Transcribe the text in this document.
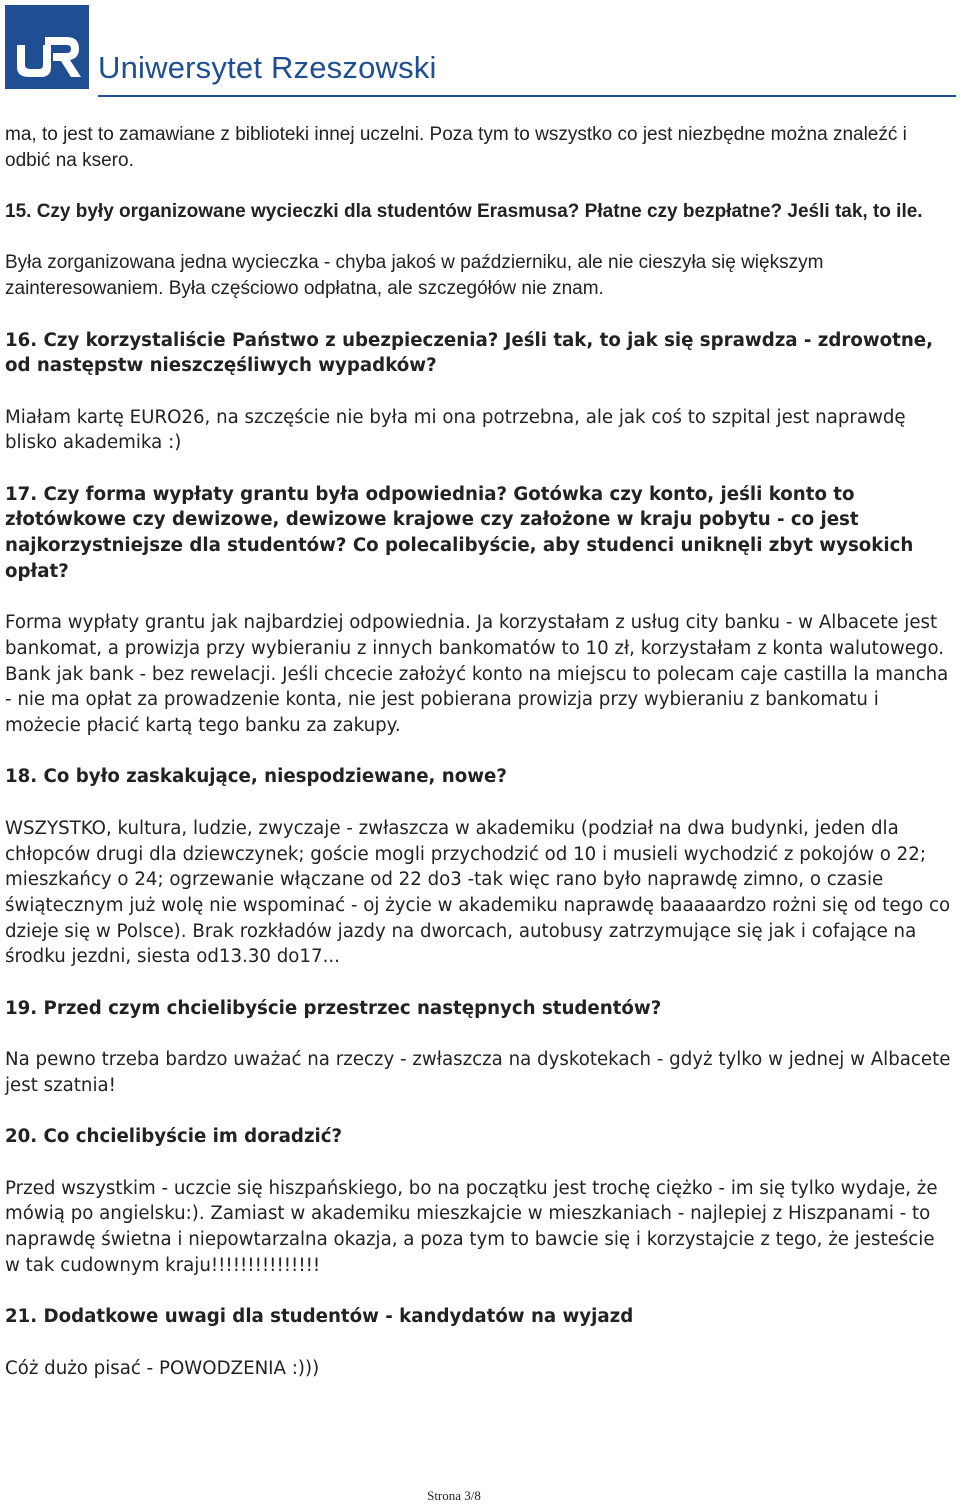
Uniwersytet Rzeszowski

ma, to jest to zamawiane z biblioteki innej uczelni. Poza tym to wszystko co jest niezbędne można znaleźć i odbić na ksero.

15. Czy były organizowane wycieczki dla studentów Erasmusa? Płatne czy bezpłatne? Jeśli tak, to ile.

Była zorganizowana jedna wycieczka - chyba jakoś w październiku, ale nie cieszyła się większym zainteresowaniem. Była częściowo odpłatna, ale szczegółów nie znam.

16. Czy korzystaliście Państwo z ubezpieczenia? Jeśli tak, to jak się sprawdza - zdrowotne, od następstw nieszczęśliwych wypadków?

Miałam kartę EURO26, na szczęście nie była mi ona potrzebna, ale jak coś to szpital jest naprawdę blisko akademika :)

17. Czy forma wypłaty grantu była odpowiednia? Gotówka czy konto, jeśli konto to złotówkowe czy dewizowe, dewizowe krajowe czy założone w kraju pobytu - co jest najkorzystniejsze dla studentów? Co polecalibyście, aby studenci uniknęli zbyt wysokich opłat?

Forma wypłaty grantu jak najbardziej odpowiednia. Ja korzystałam z usług city banku - w Albacete jest bankomat, a prowizja przy wybieraniu z innych bankomatów to 10 zł, korzystałam z konta walutowego. Bank jak bank - bez rewelacji. Jeśli chcecie założyć konto na miejscu to polecam caje castilla la mancha - nie ma opłat za prowadzenie konta, nie jest pobierana prowizja przy wybieraniu z bankomatu i możecie płacić kartą tego banku za zakupy.

18. Co było zaskakujące, niespodziewane, nowe?

WSZYSTKO, kultura, ludzie, zwyczaje - zwłaszcza w akademiku (podział na dwa budynki, jeden dla chłopców drugi dla dziewczynek; goście mogli przychodzić od 10 i musieli wychodzić z pokojów o 22; mieszkańcy o 24; ogrzewanie włączane od 22 do3 -tak więc rano było naprawdę zimno, o czasie świątecznym już wolę nie wspominać - oj życie w akademiku naprawdę baaaaardzo rożni się od tego co dzieje się w Polsce). Brak rozkładów jazdy na dworcach, autobusy zatrzymujące się jak i cofające na środku jezdni, siesta od13.30 do17...

19. Przed czym chcielibyście przestrzec następnych studentów?

Na pewno trzeba bardzo uważać na rzeczy - zwłaszcza na dyskotekach - gdyż tylko w jednej w Albacete jest szatnia!

20. Co chcielibyście im doradzić?

Przed wszystkim - uczcie się hiszpańskiego, bo na początku jest trochę ciężko - im się tylko wydaje, że mówią po angielsku:). Zamiast w akademiku mieszkajcie w mieszkaniach - najlepiej z Hiszpanami - to naprawdę świetna i niepowtarzalna okazja, a poza tym to bawcie się i korzystajcie z tego, że jesteście w tak cudownym kraju!!!!!!!!!!!!!!!

21. Dodatkowe uwagi dla studentów - kandydatów na wyjazd

Cóż dużo pisać - POWODZENIA :)))

Strona 3/8
